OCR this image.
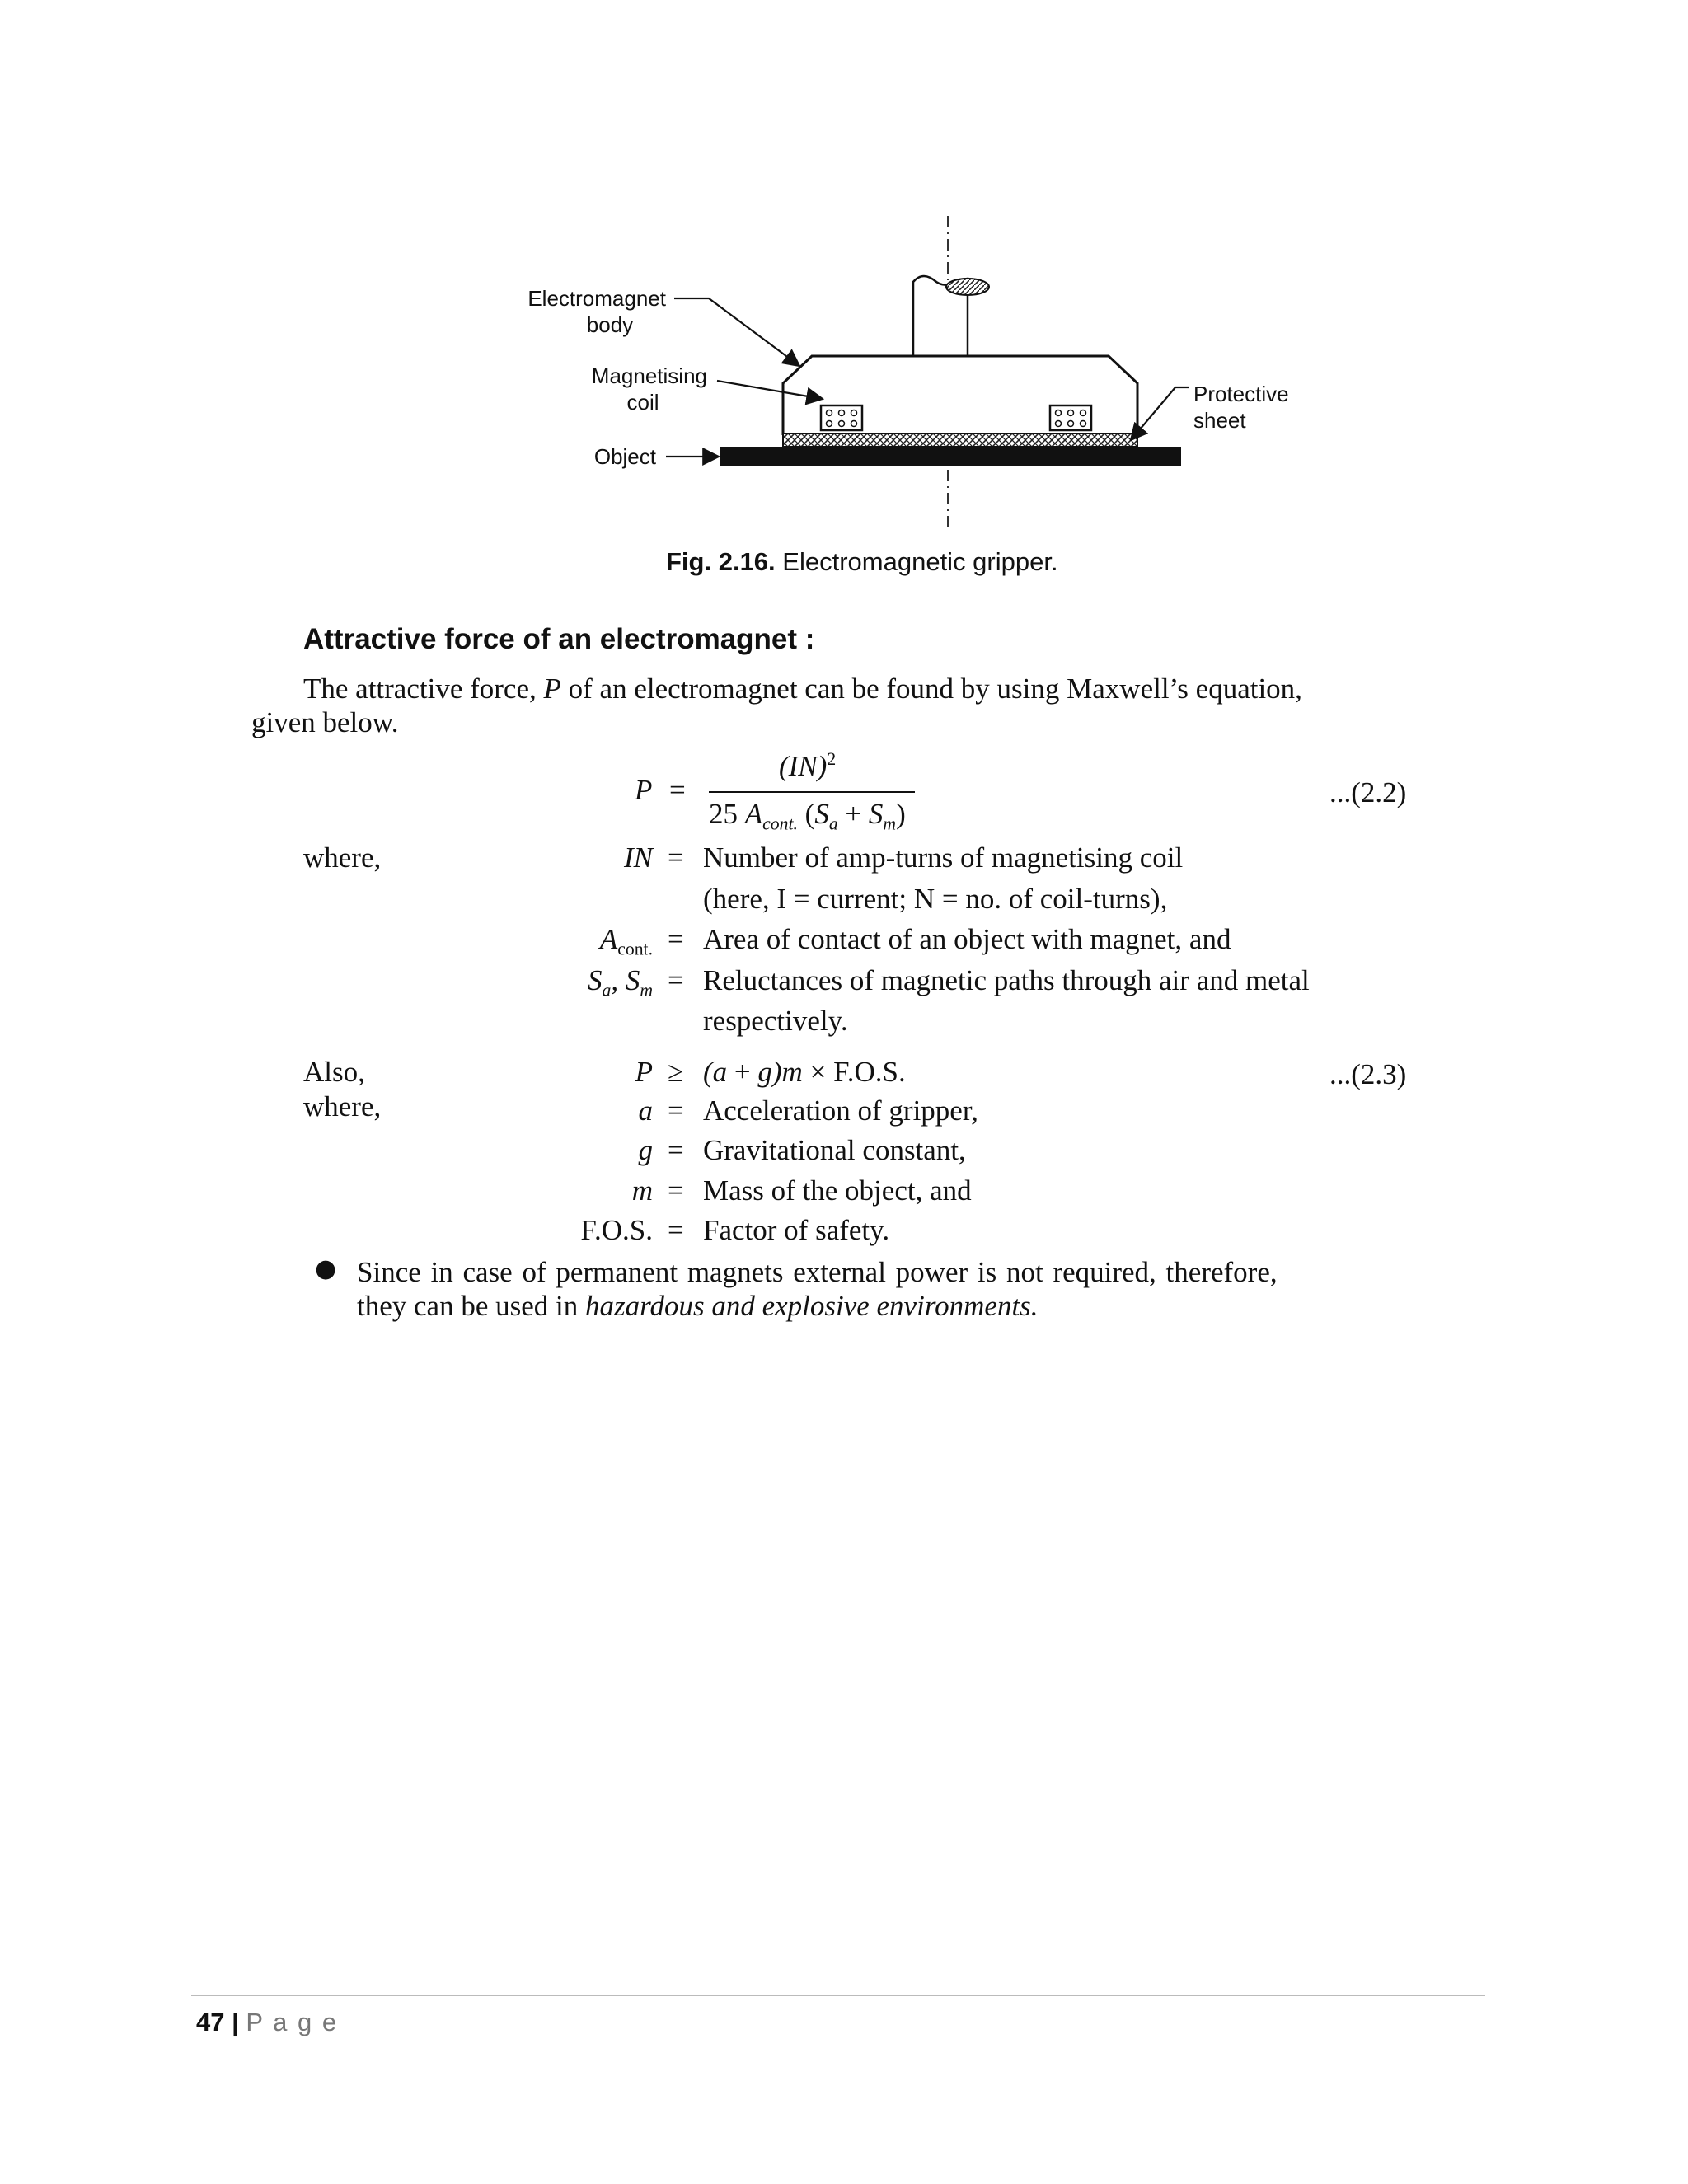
Electromagnet
body
Magnetising
coil
Object
Protective
sheet
Fig. 2.16. Electromagnetic gripper.
Attractive force of an electromagnet :
The attractive force, P of an electromagnet can be found by using Maxwell’s equation,
given below.
P =
(IN)$^2$
25 $A_{cont.}$ $(S_a + S_m)$
...(2.2)
where,	IN = Number of amp-turns of magnetising coil
(here, I = current; N = no. of coil-turns),
$A_{cont.}$ = Area of contact of an object with magnet, and
$S_a$, $S_m$ = Reluctances of magnetic paths through air and metal
respectively.
Also,
where,
P ≥ (a + g)m × F.O.S.	...(2.3)
a = Acceleration of gripper,
g = Gravitational constant,
m = Mass of the object, and
F.O.S. = Factor of safety.
● Since in case of permanent magnets external power is not required, therefore,
they can be used in hazardous and explosive environments.
47 | P a g e
